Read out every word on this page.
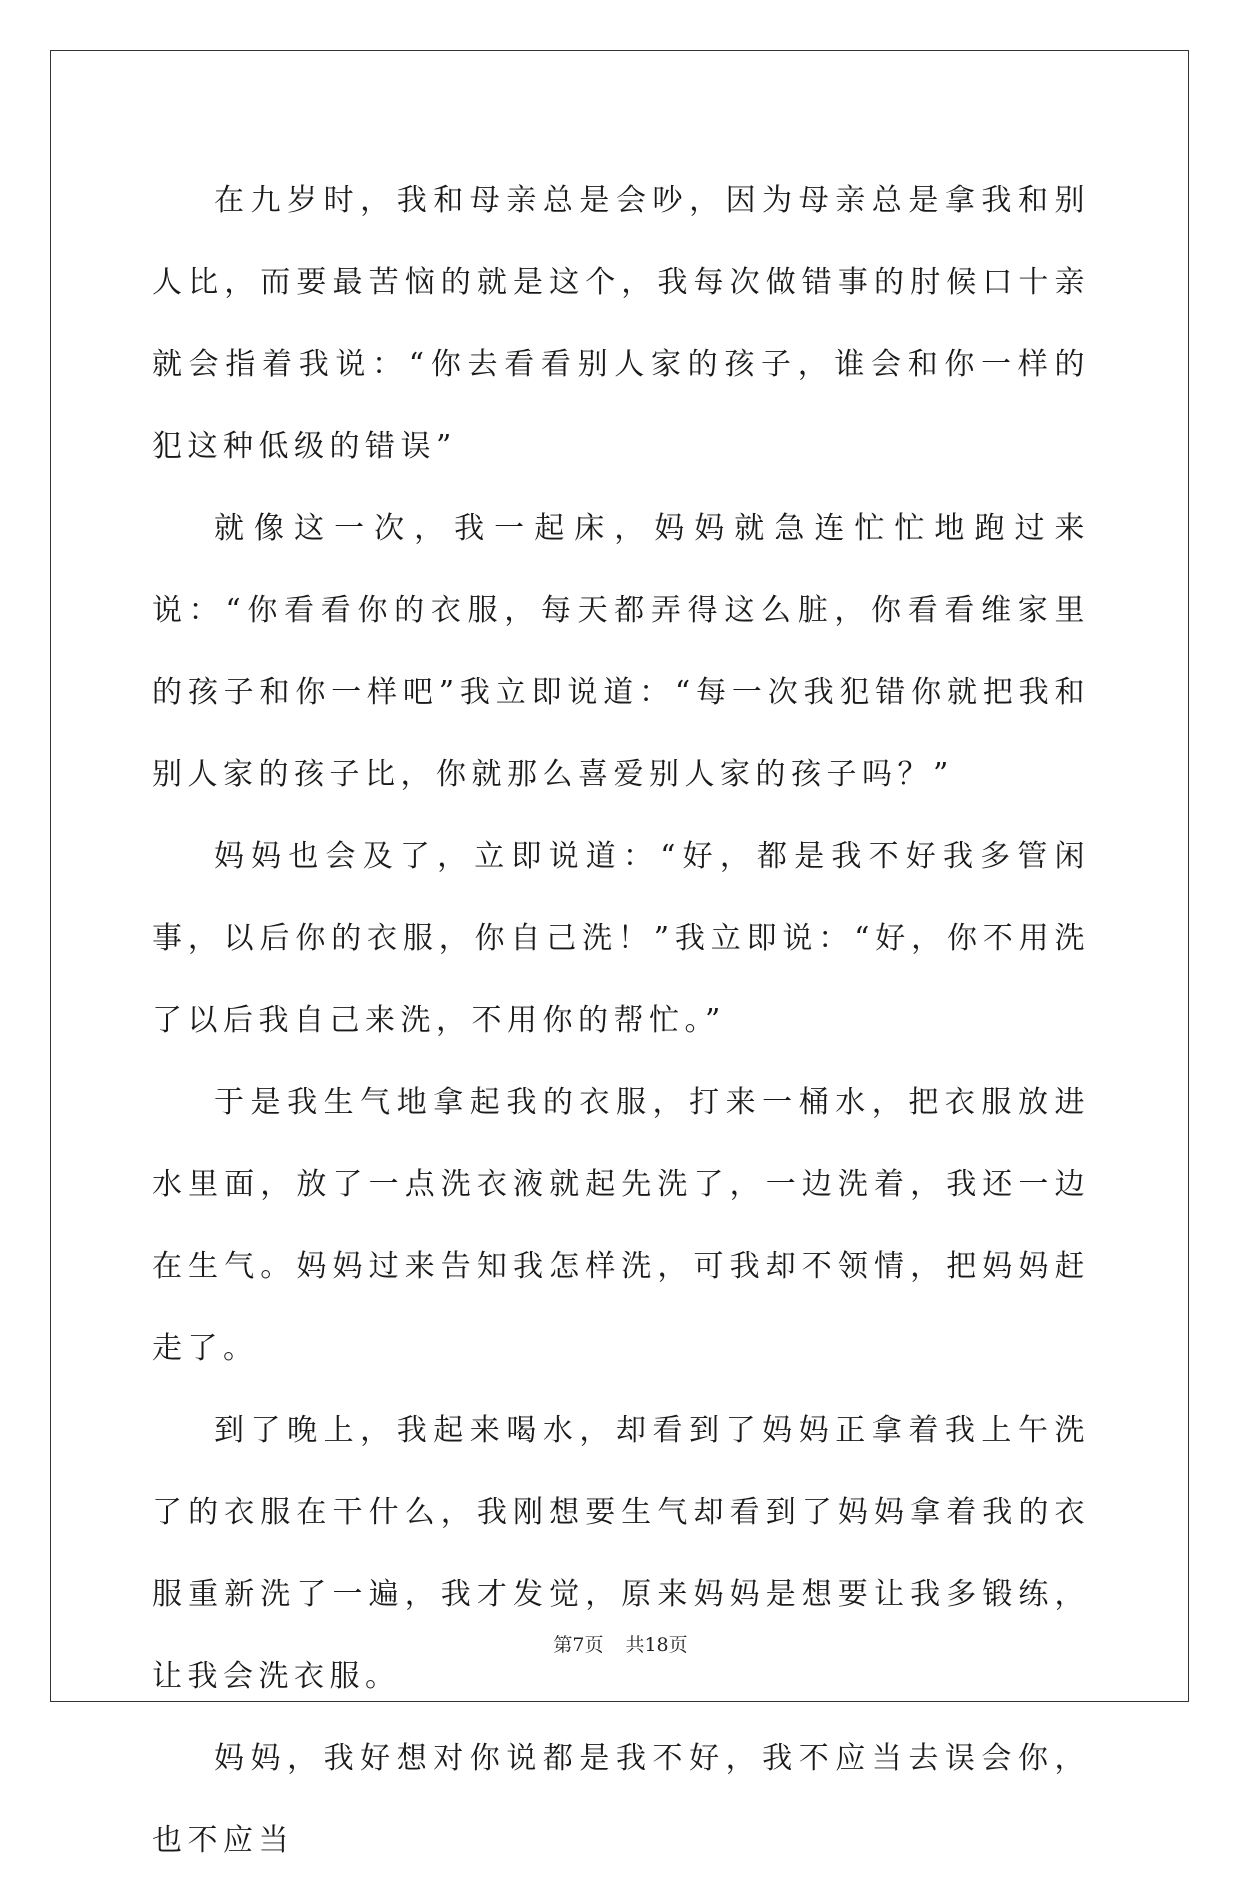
在九岁时，我和母亲总是会吵，因为母亲总是拿我和别人比，而要最苦恼的就是这个，我每次做错事的肘候口十亲就会指着我说：“你去看看别人家的孩子，谁会和你一样的犯这种低级的错误”

就像这一次，我一起床，妈妈就急连忙忙地跑过来说：“你看看你的衣服，每天都弄得这么脏，你看看维家里的孩子和你一样吧”我立即说道：“每一次我犯错你就把我和别人家的孩子比，你就那么喜爱别人家的孩子吗？”

妈妈也会及了，立即说道：“好，都是我不好我多管闲事，以后你的衣服，你自己洗！”我立即说：“好，你不用洗了以后我自己来洗，不用你的帮忙。”

于是我生气地拿起我的衣服，打来一桶水，把衣服放进水里面，放了一点洗衣液就起先洗了，一边洗着，我还一边在生气。妈妈过来告知我怎样洗，可我却不领情，把妈妈赶走了。

到了晚上，我起来喝水，却看到了妈妈正拿着我上午洗了的衣服在干什么，我刚想要生气却看到了妈妈拿着我的衣服重新洗了一遍，我才发觉，原来妈妈是想要让我多锻练，让我会洗衣服。

妈妈，我好想对你说都是我不好，我不应当去误会你，也不应当

第7页 共18页
